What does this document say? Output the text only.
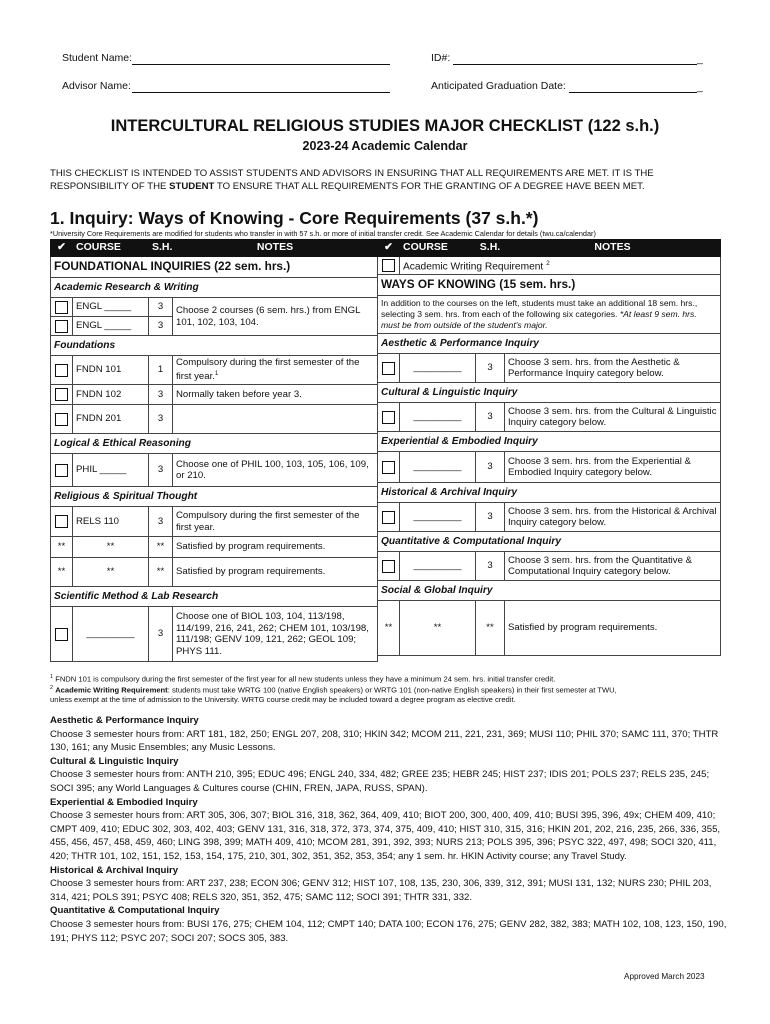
Student Name:	ID#:	_
Advisor Name:	Anticipated Graduation Date:	_
INTERCULTURAL RELIGIOUS STUDIES MAJOR CHECKLIST (122 s.h.)
2023-24 Academic Calendar
THIS CHECKLIST IS INTENDED TO ASSIST STUDENTS AND ADVISORS IN ENSURING THAT ALL REQUIREMENTS ARE MET. IT IS THE
RESPONSIBILITY OF THE STUDENT TO ENSURE THAT ALL REQUIREMENTS FOR THE GRANTING OF A DEGREE HAVE BEEN MET.
1. Inquiry: Ways of Knowing - Core Requirements (37 s.h.*)
*University Core Requirements are modified for students who transfer in with 57 s.h. or more of initial transfer credit. See Academic Calendar for details (twu.ca/calendar)
✔	COURSE	S.H.	NOTES
FOUNDATIONAL INQUIRIES (22 sem. hrs.)			
Academic Research & Writing			
	ENGL _____	3	Choose 2 courses (6 sem. hrs.) from ENGL 101, 102, 103, 104.
	ENGL _____	3	
Foundations			
	FNDN 101	1	Compulsory during the first semester of the first year.$^1$
	FNDN 102	3	Normally taken before year 3.
	FNDN 201	3	
Logical & Ethical Reasoning			
	PHIL _____	3	Choose one of PHIL 100, 103, 105, 106, 109, or 210.
Religious & Spiritual Thought			
	RELS 110	3	Compulsory during the first semester of the first year.
**	**	**	Satisfied by program requirements.
**	**	**	Satisfied by program requirements.
Scientific Method & Lab Research			
	_________	3	Choose one of BIOL 103, 104, 113/198, 114/199, 216, 241, 262; CHEM 101, 103/198, 111/198; GENV 109, 121, 262; GEOL 109; PHYS 111.
✔	COURSE	S.H.	NOTES
	Academic Writing Requirement $^2$
WAYS OF KNOWING (15 sem. hrs.)			
In addition to the courses on the left, students must take an additional 18 sem. hrs., selecting 3 sem. hrs. from each of the following six categories. *At least 9 sem. hrs. must be from outside of the student's major.			
Aesthetic & Performance Inquiry			
	_________	3	Choose 3 sem. hrs. from the Aesthetic & Performance Inquiry category below.
Cultural & Linguistic Inquiry			
	_________	3	Choose 3 sem. hrs. from the Cultural & Linguistic Inquiry category below.
Experiential & Embodied Inquiry			
	_________	3	Choose 3 sem. hrs. from the Experiential & Embodied Inquiry category below.
Historical & Archival Inquiry			
	_________	3	Choose 3 sem. hrs. from the Historical & Archival Inquiry category below.
Quantitative & Computational Inquiry			
	_________	3	Choose 3 sem. hrs. from the Quantitative & Computational Inquiry category below.
Social & Global Inquiry			
**	**	**	Satisfied by program requirements.
$^1$ FNDN 101 is compulsory during the first semester of the first year for all new students unless they have a minimum 24 sem. hrs. initial transfer credit.
$^2$ Academic Writing Requirement: students must take WRTG 100 (native English speakers) or WRTG 101 (non-native English speakers) in their first semester at TWU,
unless exempt at the time of admission to the University. WRTG course credit may be included toward a degree program as elective credit.
Aesthetic & Performance Inquiry
Choose 3 semester hours from: ART 181, 182, 250; ENGL 207, 208, 310; HKIN 342; MCOM 211, 221, 231, 369; MUSI 110; PHIL 370; SAMC 111, 370; THTR 130, 161; any Music Ensembles; any Music Lessons.
Cultural & Linguistic Inquiry
Choose 3 semester hours from: ANTH 210, 395; EDUC 496; ENGL 240, 334, 482; GREE 235; HEBR 245; HIST 237; IDIS 201; POLS 237; RELS 235, 245; SOCI 395; any World Languages & Cultures course (CHIN, FREN, JAPA, RUSS, SPAN).
Experiential & Embodied Inquiry
Choose 3 semester hours from: ART 305, 306, 307; BIOL 316, 318, 362, 364, 409, 410; BIOT 200, 300, 400, 409, 410; BUSI 395, 396, 49x; CHEM 409, 410; CMPT 409, 410; EDUC 302, 303, 402, 403; GENV 131, 316, 318, 372, 373, 374, 375, 409, 410; HIST 310, 315, 316; HKIN 201, 202, 216, 235, 266, 336, 355, 455, 456, 457, 458, 459, 460; LING 398, 399; MATH 409, 410; MCOM 281, 391, 392, 393; NURS 213; POLS 395, 396; PSYC 322, 497, 498; SOCI 320, 411, 420; THTR 101, 102, 151, 152, 153, 154, 175, 210, 301, 302, 351, 352, 353, 354; any 1 sem. hr. HKIN Activity course; any Travel Study.
Historical & Archival Inquiry
Choose 3 semester hours from: ART 237, 238; ECON 306; GENV 312; HIST 107, 108, 135, 230, 306, 339, 312, 391; MUSI 131, 132; NURS 230; PHIL 203, 314, 421; POLS 391; PSYC 408; RELS 320, 351, 352, 475; SAMC 112; SOCI 391; THTR 331, 332.
Quantitative & Computational Inquiry
Choose 3 semester hours from: BUSI 176, 275; CHEM 104, 112; CMPT 140; DATA 100; ECON 176, 275; GENV 282, 382, 383; MATH 102, 108, 123, 150, 190, 191; PHYS 112; PSYC 207; SOCI 207; SOCS 305, 383.
Approved March 2023
